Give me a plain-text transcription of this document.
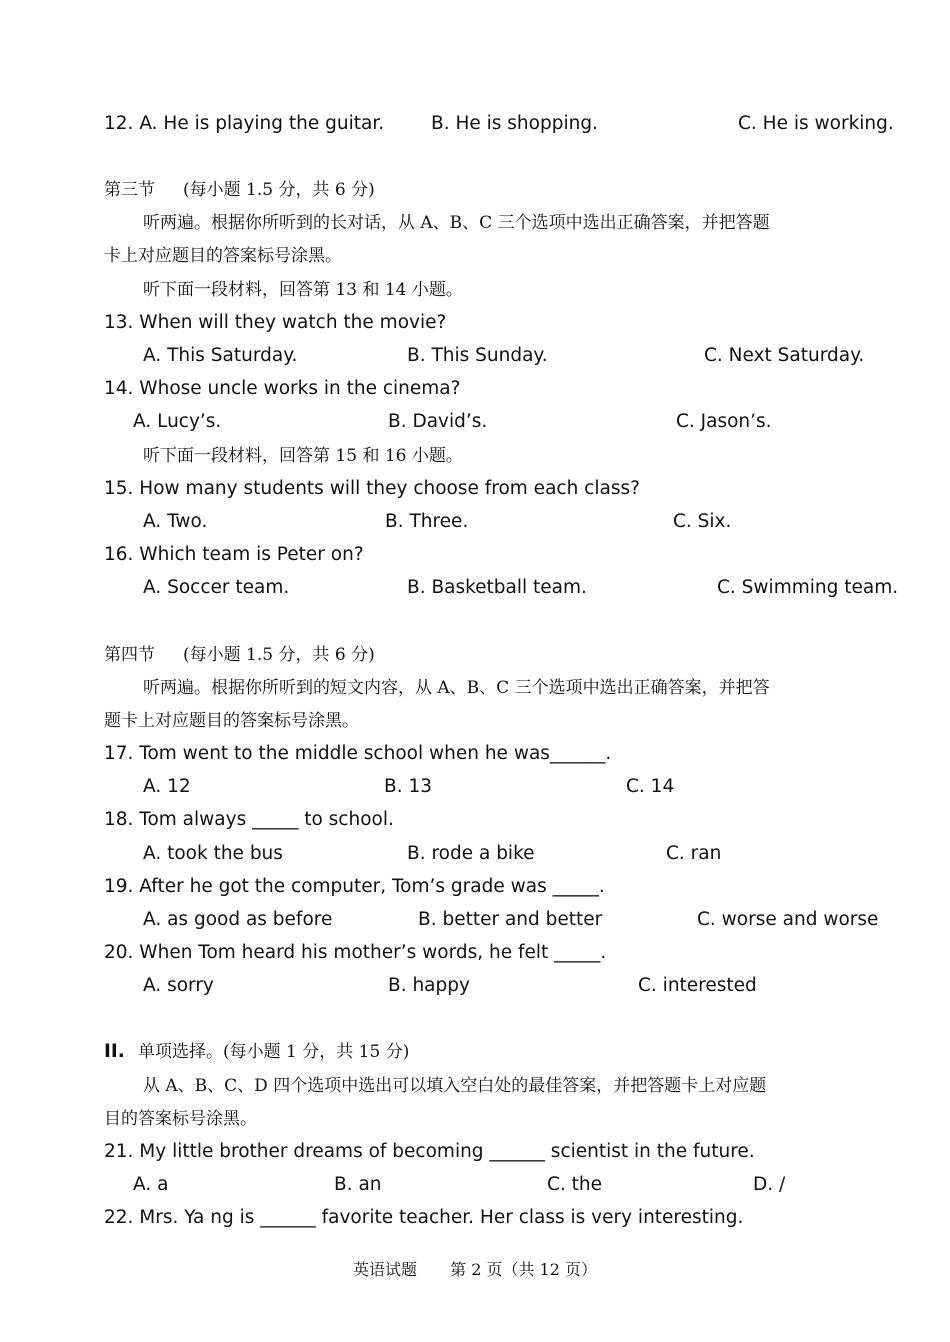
12. A. He is playing the guitar.	B. He is shopping.	C. He is working.
第三节 (每小题 1.5 分，共 6 分)
听两遍。根据你所听到的长对话，从 A、B、C 三个选项中选出正确答案，并把答题
卡上对应题目的答案标号涂黑。
听下面一段材料，回答第 13 和 14 小题。
13. When will they watch the movie?
A. This Saturday.	B. This Sunday.	C. Next Saturday.
14. Whose uncle works in the cinema?
A. Lucy’s.	B. David’s.	C. Jason’s.
听下面一段材料，回答第 15 和 16 小题。
15. How many students will they choose from each class?
A. Two.	B. Three.	C. Six.
16. Which team is Peter on?
A. Soccer team.	B. Basketball team.	C. Swimming team.
第四节 (每小题 1.5 分，共 6 分)
听两遍。根据你所听到的短文内容，从 A、B、C 三个选项中选出正确答案，并把答
题卡上对应题目的答案标号涂黑。
17. Tom went to the middle school when he was______.
A. 12	B. 13	C. 14
18. Tom always _____ to school.
A. took the bus	B. rode a bike	C. ran
19. After he got the computer, Tom’s grade was _____.
A. as good as before	B. better and better	C. worse and worse
20. When Tom heard his mother’s words, he felt _____.
A. sorry	B. happy	C. interested
II. 单项选择。(每小题 1 分，共 15 分)
从 A、B、C、D 四个选项中选出可以填入空白处的最佳答案，并把答题卡上对应题
目的答案标号涂黑。
21. My little brother dreams of becoming ______ scientist in the future.
A. a	B. an	C. the	D. /
22. Mrs. Ya ng is ______ favorite teacher. Her class is very interesting.
英语试题 第 2 页（共 12 页）
